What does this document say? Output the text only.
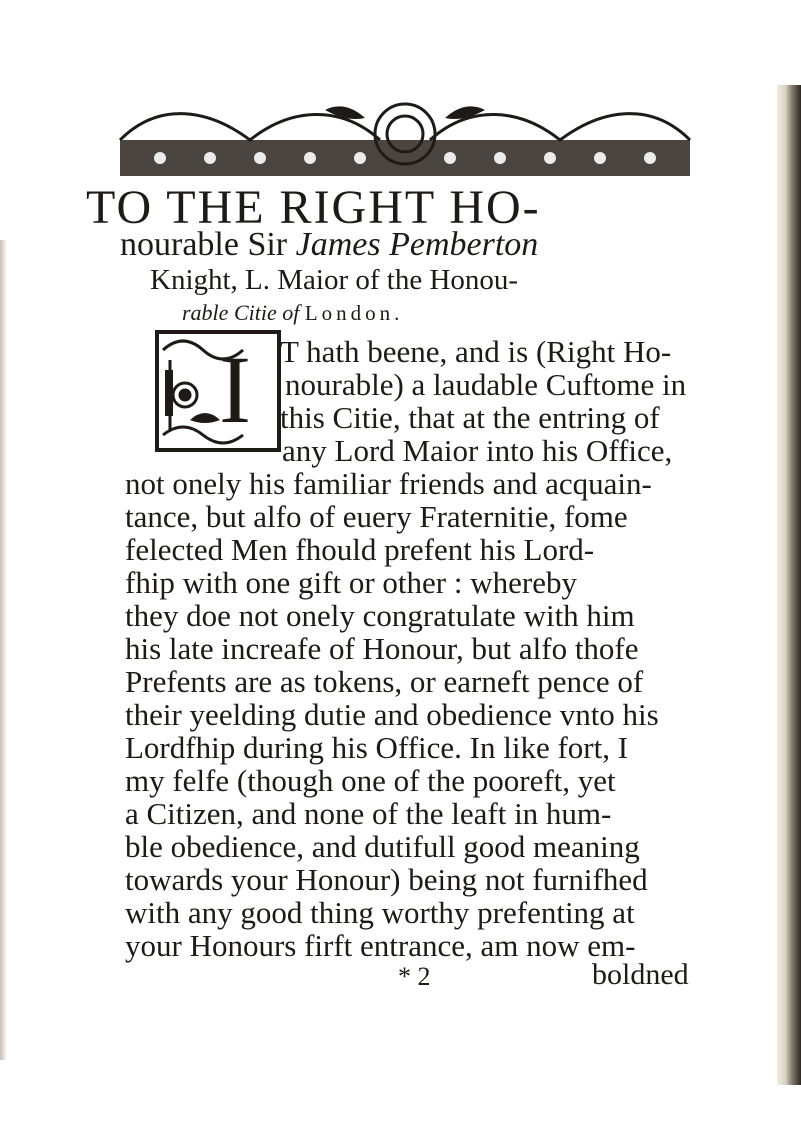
TO THE RIGHT HO-
nourable Sir James Pemberton
Knight, L. Maior of the Honou-
rable Citie of London.
I T hath beene, and is (Right Ho-
nourable) a laudable Cuftome in
this Citie, that at the entring of
any Lord Maior into his Office,
not onely his familiar friends and acquain-
tance, but alfo of euery Fraternitie, fome
felected Men fhould prefent his Lord-
fhip with one gift or other : whereby
they doe not onely congratulate with him
his late increafe of Honour, but alfo thofe
Prefents are as tokens, or earneft pence of
their yeelding dutie and obedience vnto his
Lordfhip during his Office. In like fort, I
my felfe (though one of the pooreft, yet
a Citizen, and none of the leaft in hum-
ble obedience, and dutifull good meaning
towards your Honour) being not furnifhed
with any good thing worthy prefenting at
your Honours firft entrance, am now em-
* 2	boldned
